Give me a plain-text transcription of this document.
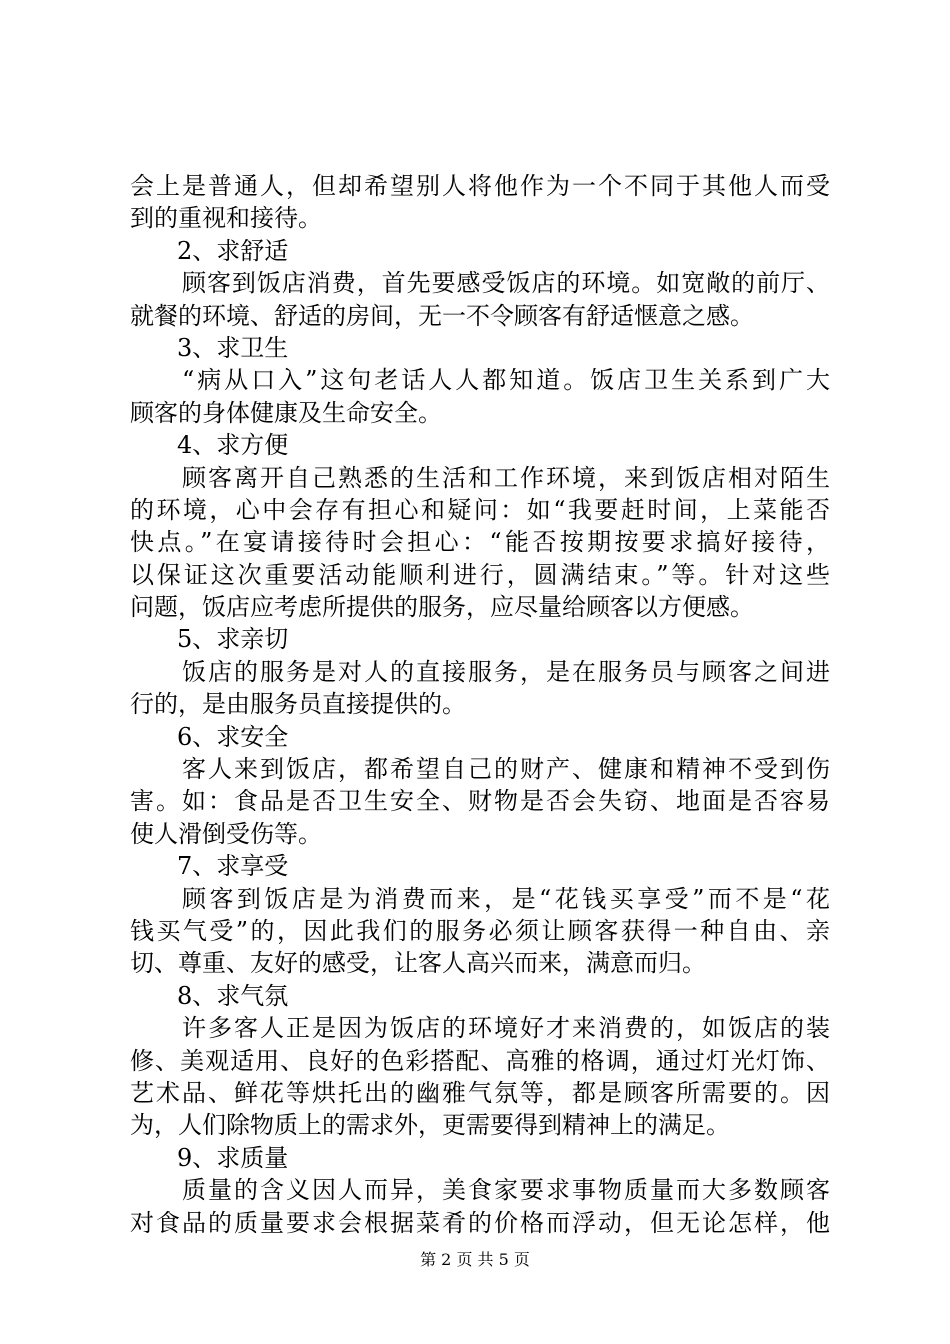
会上是普通人，但却希望别人将他作为一个不同于其他人而受
到的重视和接待。
2、求舒适
顾客到饭店消费，首先要感受饭店的环境。如宽敞的前厅、
就餐的环境、舒适的房间，无一不令顾客有舒适惬意之感。
3、求卫生
“病从口入”这句老话人人都知道。饭店卫生关系到广大
顾客的身体健康及生命安全。
4、求方便
顾客离开自己熟悉的生活和工作环境，来到饭店相对陌生
的环境，心中会存有担心和疑问：如“我要赶时间，上菜能否
快点。”在宴请接待时会担心：“能否按期按要求搞好接待，
以保证这次重要活动能顺利进行，圆满结束。”等。针对这些
问题，饭店应考虑所提供的服务，应尽量给顾客以方便感。
5、求亲切
饭店的服务是对人的直接服务，是在服务员与顾客之间进
行的，是由服务员直接提供的。
6、求安全
客人来到饭店，都希望自己的财产、健康和精神不受到伤
害。如：食品是否卫生安全、财物是否会失窃、地面是否容易
使人滑倒受伤等。
7、求享受
顾客到饭店是为消费而来，是“花钱买享受”而不是“花
钱买气受”的，因此我们的服务必须让顾客获得一种自由、亲
切、尊重、友好的感受，让客人高兴而来，满意而归。
8、求气氛
许多客人正是因为饭店的环境好才来消费的，如饭店的装
修、美观适用、良好的色彩搭配、高雅的格调，通过灯光灯饰、
艺术品、鲜花等烘托出的幽雅气氛等，都是顾客所需要的。因
为，人们除物质上的需求外，更需要得到精神上的满足。
9、求质量
质量的含义因人而异，美食家要求事物质量而大多数顾客
对食品的质量要求会根据菜肴的价格而浮动，但无论怎样，他
第 2 页 共 5 页
